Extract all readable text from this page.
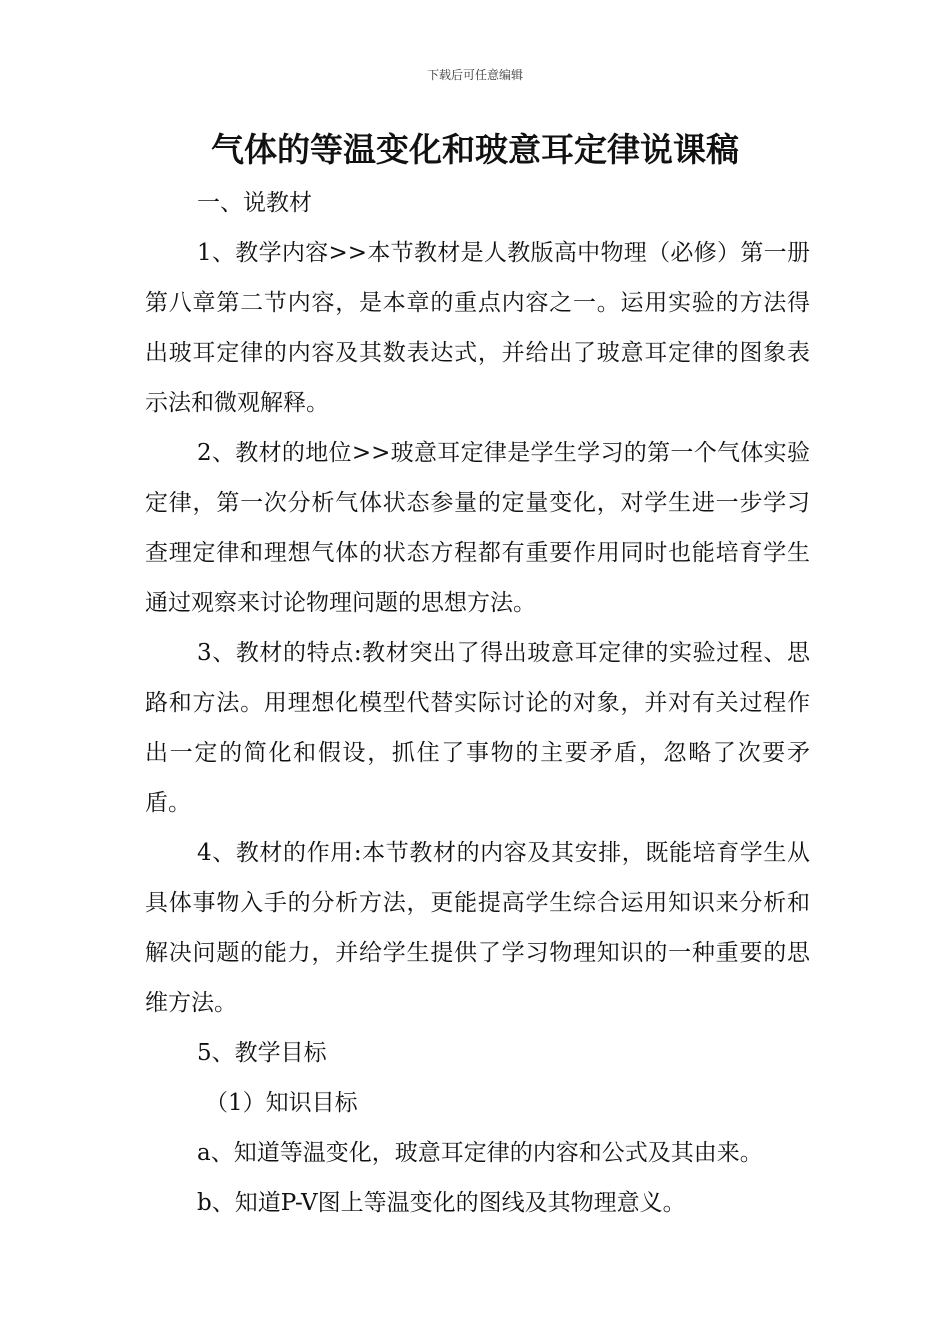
下载后可任意编辑
气体的等温变化和玻意耳定律说课稿

一、说教材

1、教学内容>>本节教材是人教版高中物理（必修）第一册第八章第二节内容，是本章的重点内容之一。运用实验的方法得出玻耳定律的内容及其数表达式，并给出了玻意耳定律的图象表示法和微观解释。

2、教材的地位>>玻意耳定律是学生学习的第一个气体实验定律，第一次分析气体状态参量的定量变化，对学生进一步学习查理定律和理想气体的状态方程都有重要作用同时也能培育学生通过观察来讨论物理问题的思想方法。

3、教材的特点:教材突出了得出玻意耳定律的实验过程、思路和方法。用理想化模型代替实际讨论的对象，并对有关过程作出一定的简化和假设，抓住了事物的主要矛盾，忽略了次要矛盾。

4、教材的作用:本节教材的内容及其安排，既能培育学生从具体事物入手的分析方法，更能提高学生综合运用知识来分析和解决问题的能力，并给学生提供了学习物理知识的一种重要的思维方法。

5、教学目标

（1）知识目标

a、知道等温变化，玻意耳定律的内容和公式及其由来。

b、知道P-V图上等温变化的图线及其物理意义。
